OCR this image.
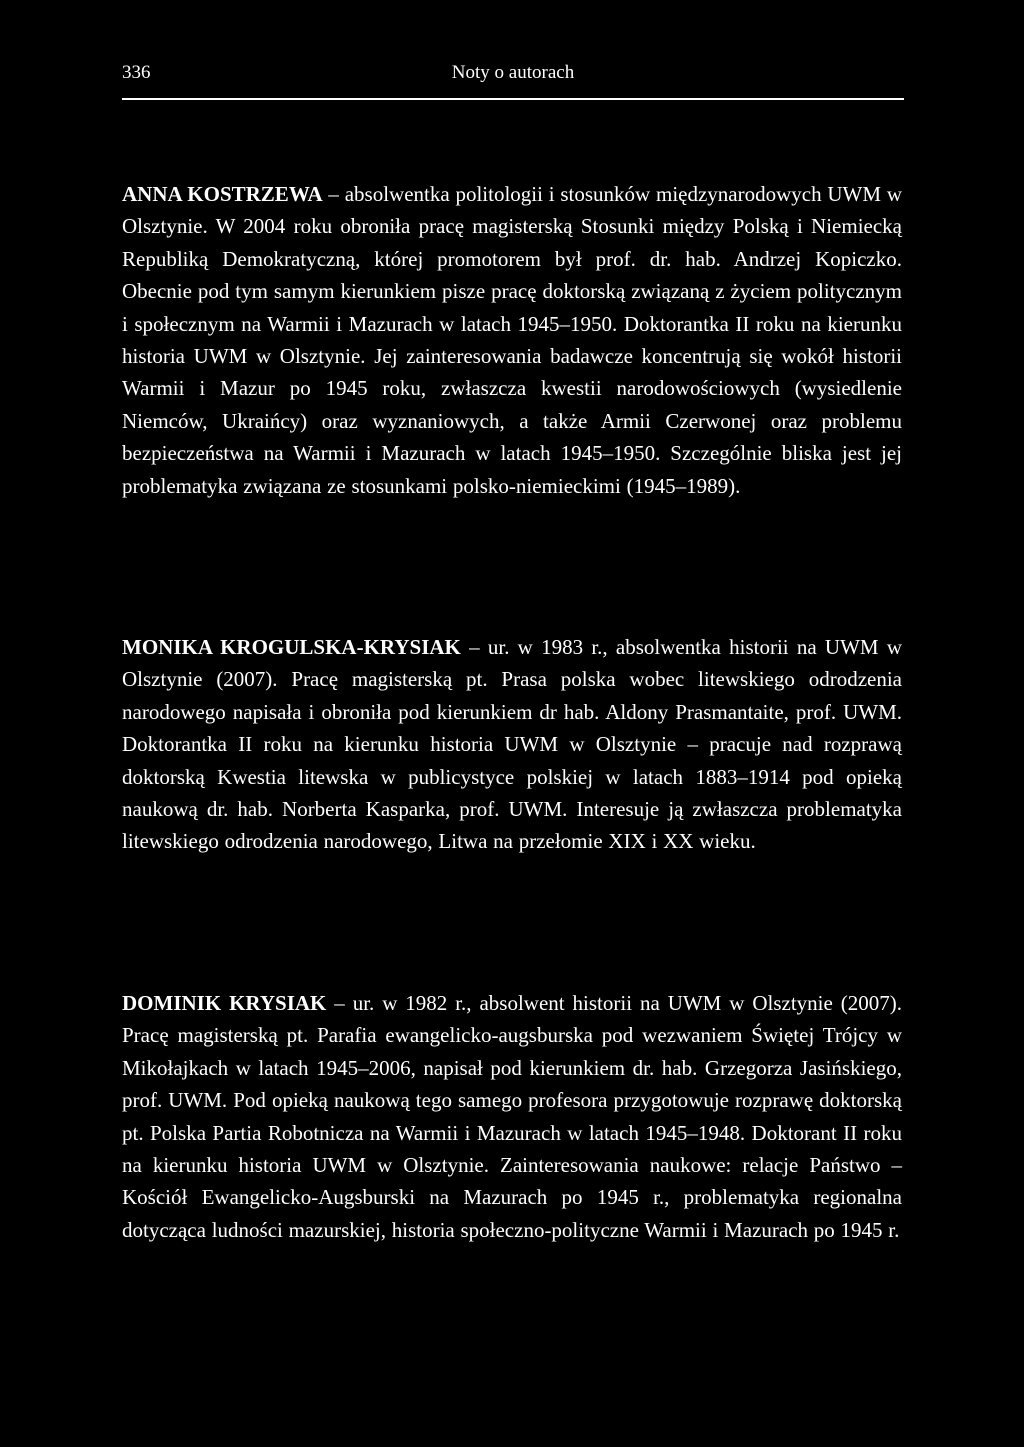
336	Noty o autorach

ANNA KOSTRZEWA – absolwentka politologii i stosunków międzynarodowych UWM w Olsztynie. W 2004 roku obroniła pracę magisterską Stosunki między Polską i Niemiecką Republiką Demokratyczną, której promotorem był prof. dr. hab. Andrzej Kopiczko. Obecnie pod tym samym kierunkiem pisze pracę doktorską związaną z życiem politycznym i społecznym na Warmii i Mazurach w latach 1945–1950. Doktorantka II roku na kierunku historia UWM w Olsztynie. Jej zainteresowania badawcze koncentrują się wokół historii Warmii i Mazur po 1945 roku, zwłaszcza kwestii narodowościowych (wysiedlenie Niemców, Ukraińcy) oraz wyznaniowych, a także Armii Czerwonej oraz problemu bezpieczeństwa na Warmii i Mazurach w latach 1945–1950. Szczególnie bliska jest jej problematyka związana ze stosunkami polsko-niemieckimi (1945–1989).

MONIKA KROGULSKA-KRYSIAK – ur. w 1983 r., absolwentka historii na UWM w Olsztynie (2007). Pracę magisterską pt. Prasa polska wobec litewskiego odrodzenia narodowego napisała i obroniła pod kierunkiem dr hab. Aldony Prasmantaite, prof. UWM. Doktorantka II roku na kierunku historia UWM w Olsztynie – pracuje nad rozprawą doktorską Kwestia litewska w publicystyce polskiej w latach 1883–1914 pod opieką naukową dr. hab. Norberta Kasparka, prof. UWM. Interesuje ją zwłaszcza problematyka litewskiego odrodzenia narodowego, Litwa na przełomie XIX i XX wieku.

DOMINIK KRYSIAK – ur. w 1982 r., absolwent historii na UWM w Olsztynie (2007). Pracę magisterską pt. Parafia ewangelicko-augsburska pod wezwaniem Świętej Trójcy w Mikołajkach w latach 1945–2006, napisał pod kierunkiem dr. hab. Grzegorza Jasińskiego, prof. UWM. Pod opieką naukową tego samego profesora przygotowuje rozprawę doktorską pt. Polska Partia Robotnicza na Warmii i Mazurach w latach 1945–1948. Doktorant II roku na kierunku historia UWM w Olsztynie. Zainteresowania naukowe: relacje Państwo – Kościół Ewangelicko-Augsburski na Mazurach po 1945 r., problematyka regionalna dotycząca ludności mazurskiej, historia społeczno-polityczne Warmii i Mazurach po 1945 r.
